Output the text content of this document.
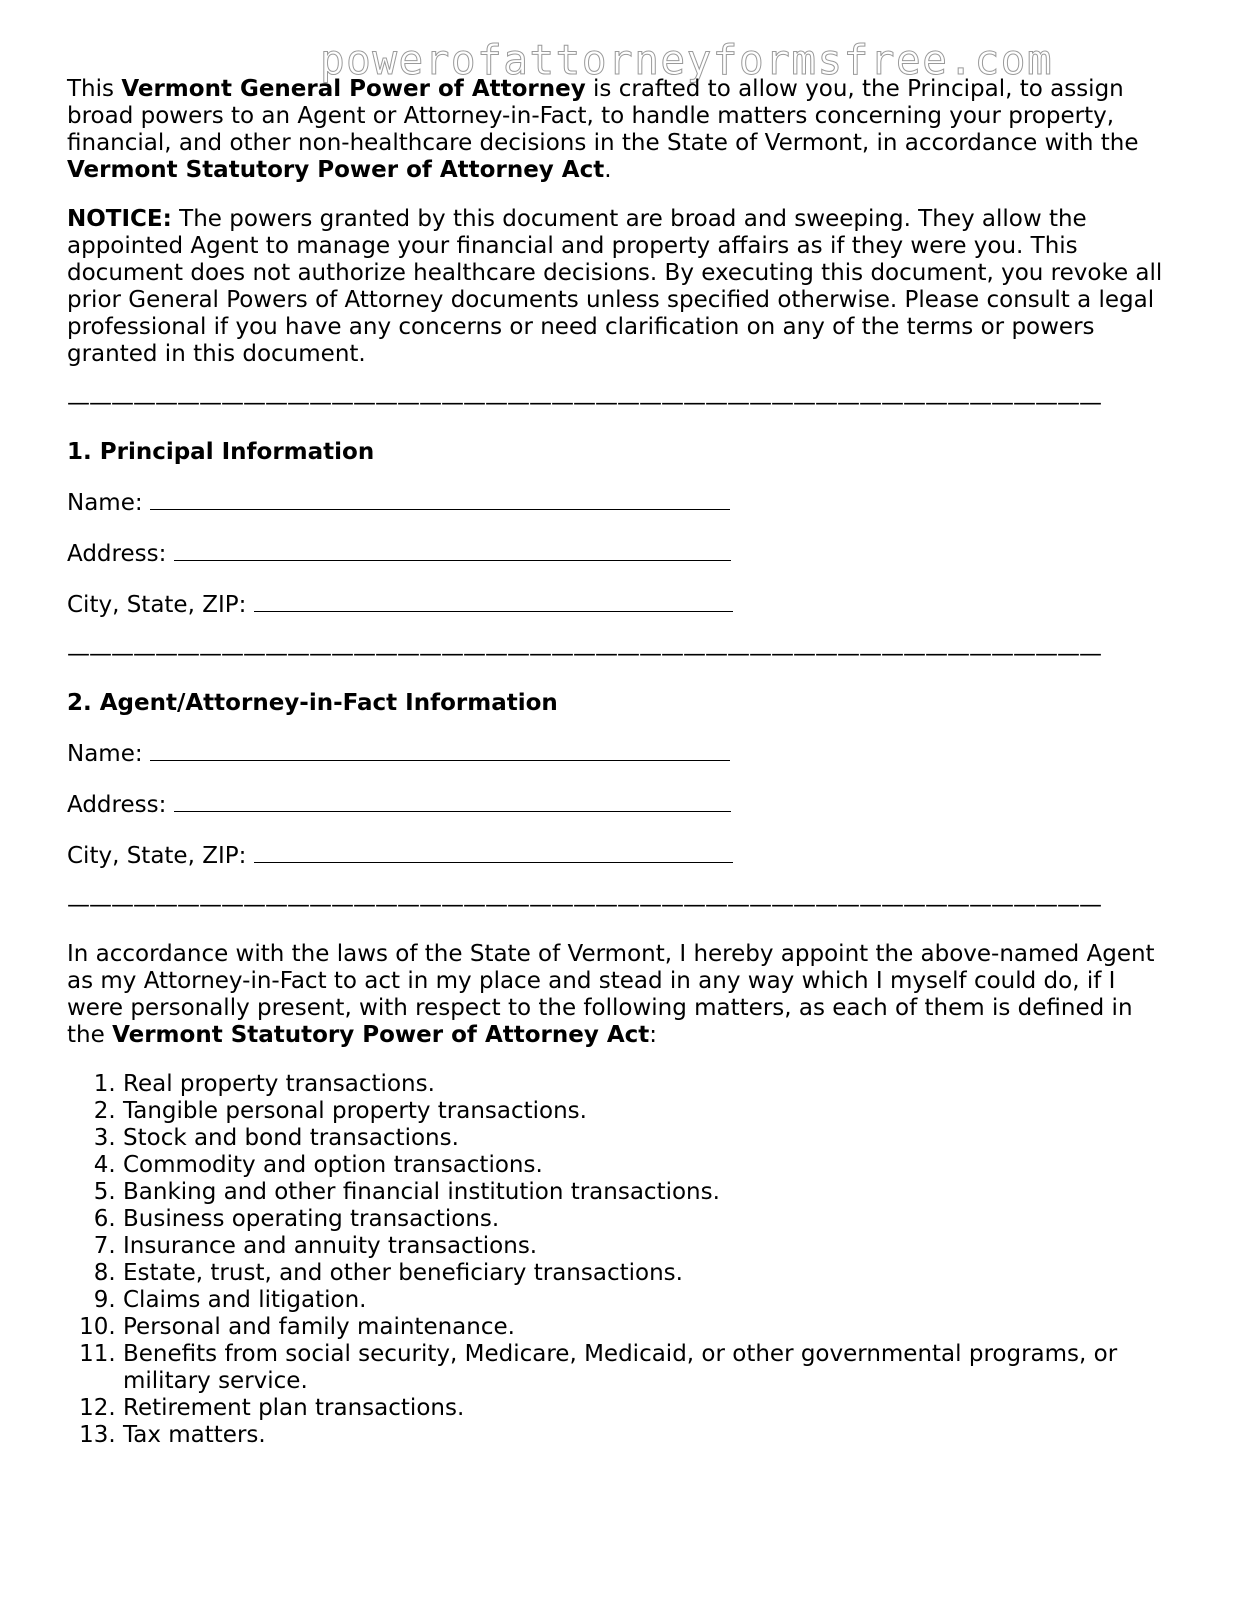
powerofattorneyformsfree.com

This Vermont General Power of Attorney is crafted to allow you, the Principal, to assign broad powers to an Agent or Attorney-in-Fact, to handle matters concerning your property, financial, and other non-healthcare decisions in the State of Vermont, in accordance with the Vermont Statutory Power of Attorney Act.

NOTICE: The powers granted by this document are broad and sweeping. They allow the appointed Agent to manage your financial and property affairs as if they were you. This document does not authorize healthcare decisions. By executing this document, you revoke all prior General Powers of Attorney documents unless specified otherwise. Please consult a legal professional if you have any concerns or need clarification on any of the terms or powers granted in this document.

———————————————————————————————————————————————

1. Principal Information

Name:
Address:
City, State, ZIP:
———————————————————————————————————————————————

2. Agent/Attorney-in-Fact Information

Name:
Address:
City, State, ZIP:
———————————————————————————————————————————————

In accordance with the laws of the State of Vermont, I hereby appoint the above-named Agent as my Attorney-in-Fact to act in my place and stead in any way which I myself could do, if I were personally present, with respect to the following matters, as each of them is defined in the Vermont Statutory Power of Attorney Act:

1. Real property transactions.
2. Tangible personal property transactions.
3. Stock and bond transactions.
4. Commodity and option transactions.
5. Banking and other financial institution transactions.
6. Business operating transactions.
7. Insurance and annuity transactions.
8. Estate, trust, and other beneficiary transactions.
9. Claims and litigation.
10. Personal and family maintenance.
11. Benefits from social security, Medicare, Medicaid, or other governmental programs, or military service.
12. Retirement plan transactions.
13. Tax matters.
